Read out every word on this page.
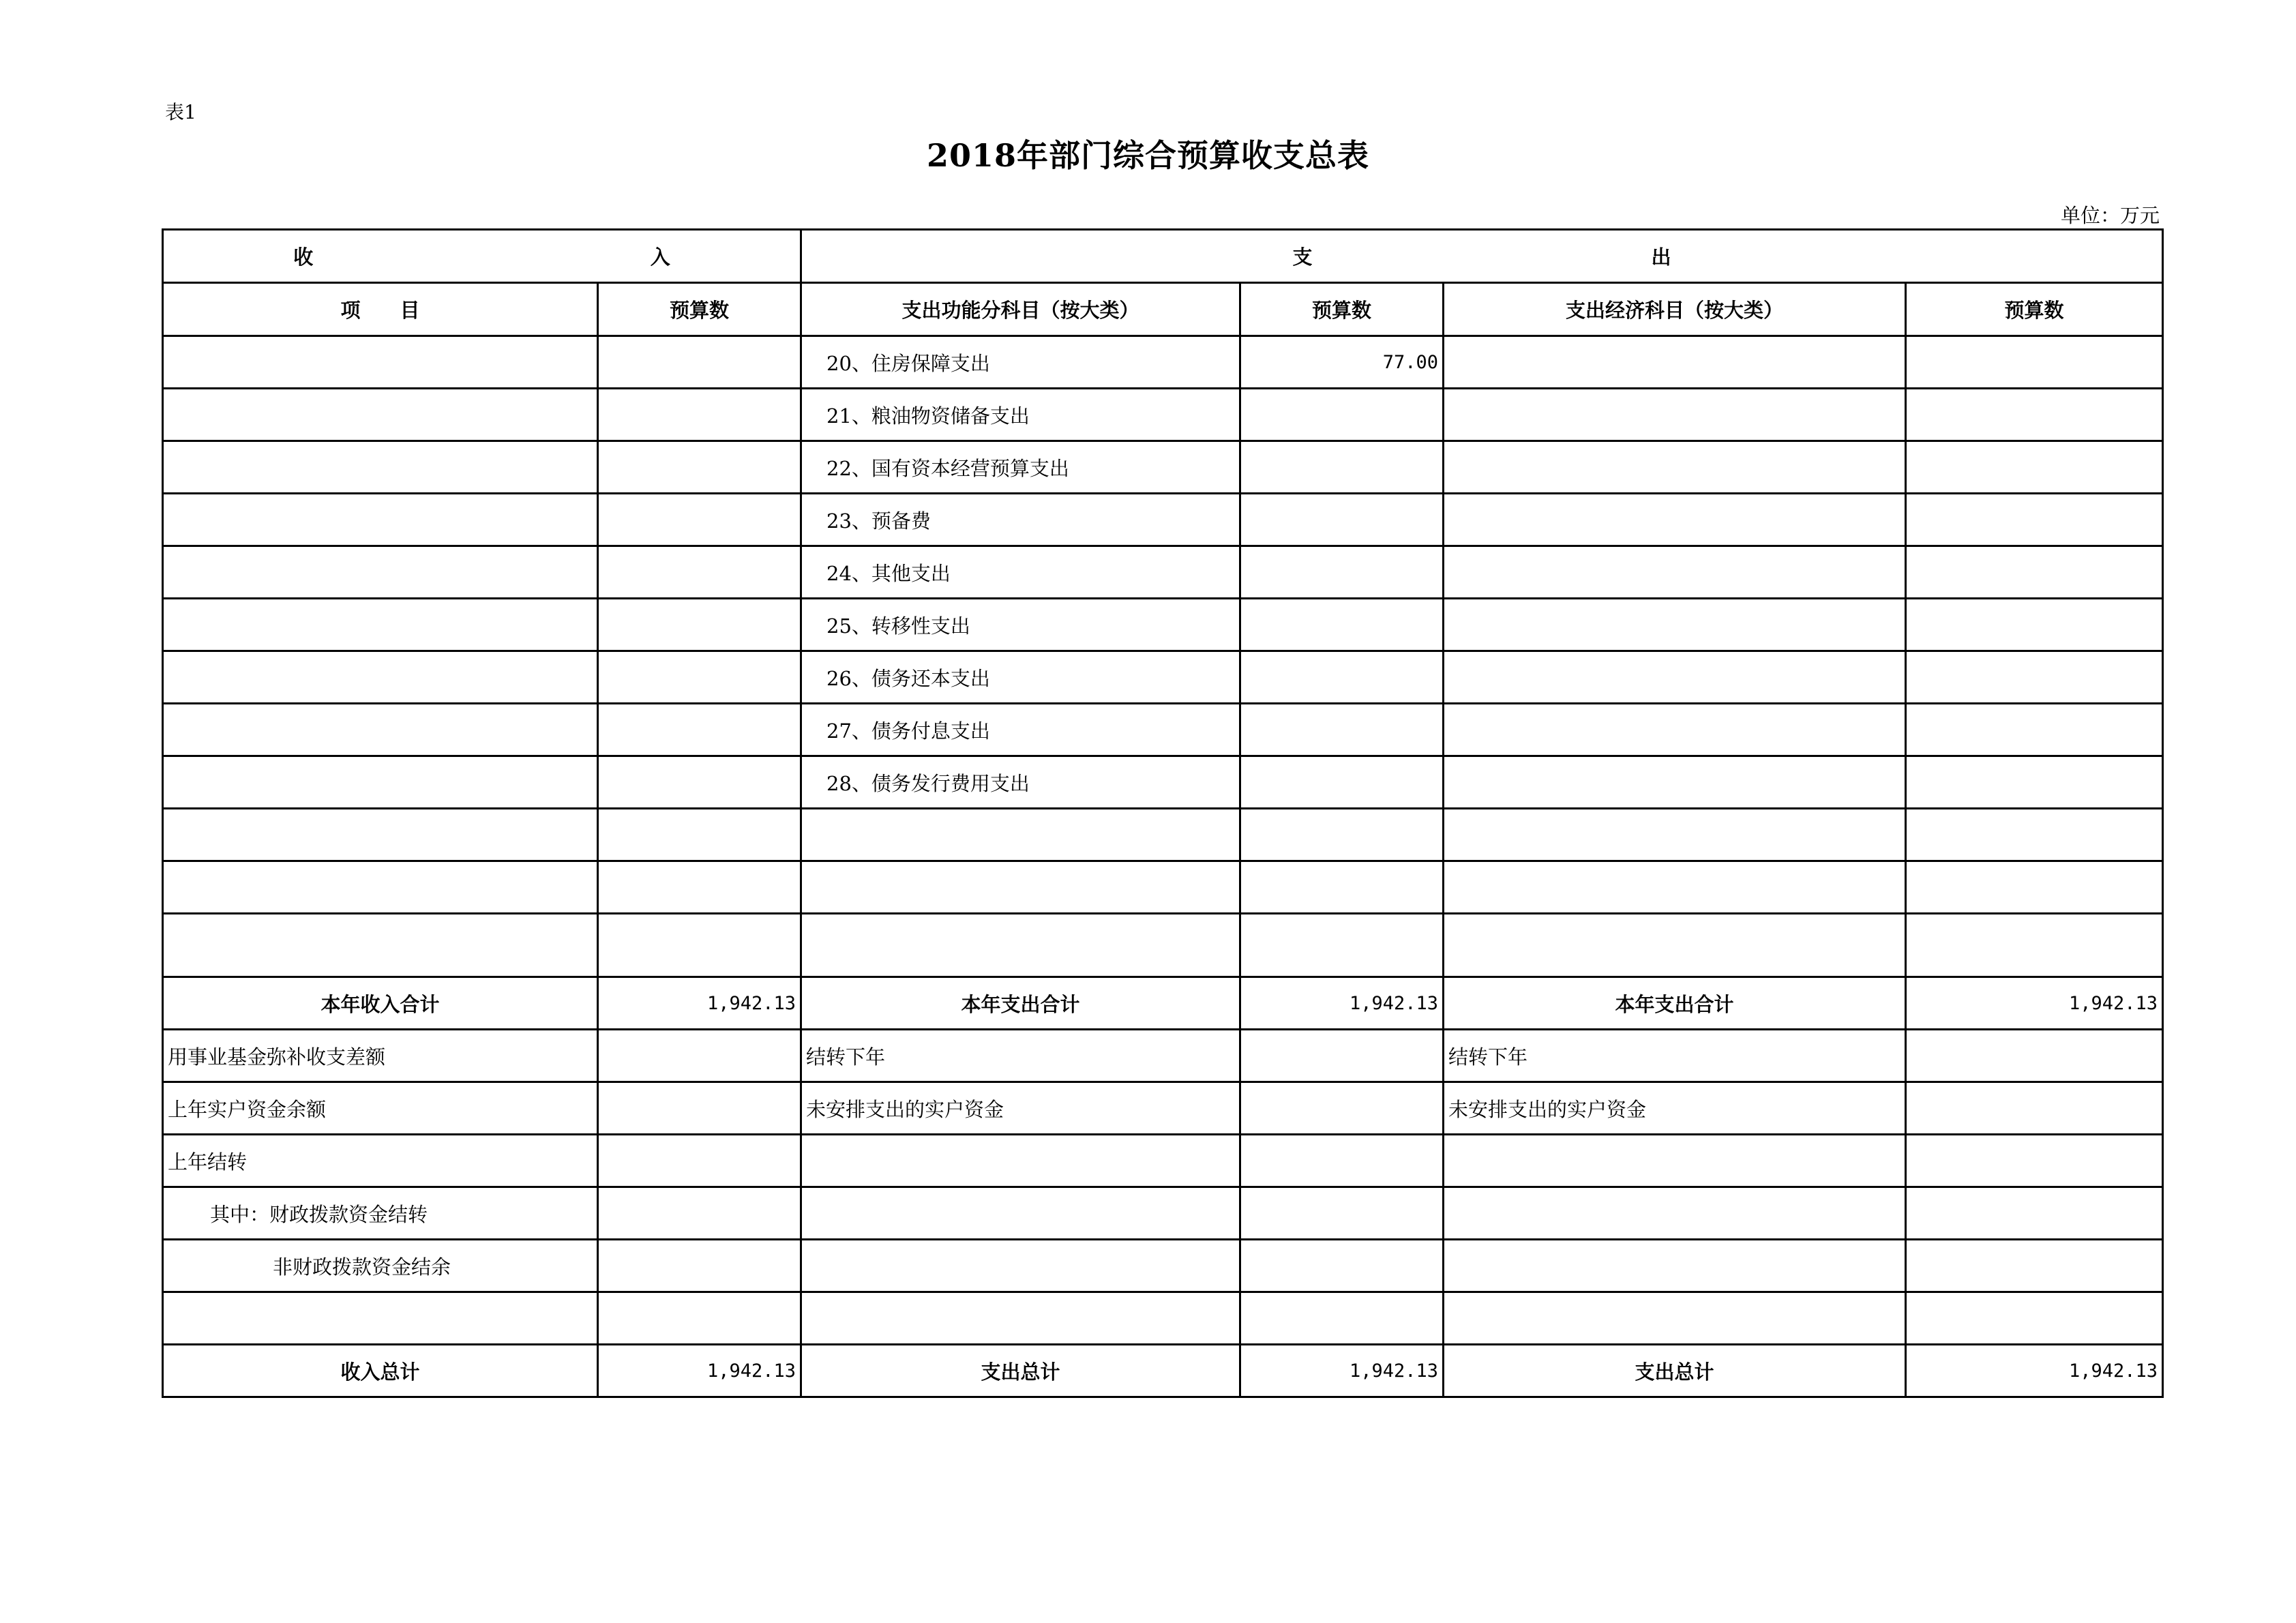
表1
2018年部门综合预算收支总表
单位：万元
收 入		支 出			

项　　目	预算数	支出功能分科目（按大类）	预算数	支出经济科目（按大类）	预算数
		20、住房保障支出	77.00		
		21、粮油物资储备支出			
		22、国有资本经营预算支出			
		23、预备费			
		24、其他支出			
		25、转移性支出			
		26、债务还本支出			
		27、债务付息支出			
		28、债务发行费用支出			

本年收入合计	1,942.13	本年支出合计	1,942.13	本年支出合计	1,942.13
用事业基金弥补收支差额		结转下年		结转下年	
上年实户资金余额		未安排支出的实户资金		未安排支出的实户资金	
上年结转					
其中：财政拨款资金结转					
非财政拨款资金结余					

收入总计	1,942.13	支出总计	1,942.13	支出总计	1,942.13
